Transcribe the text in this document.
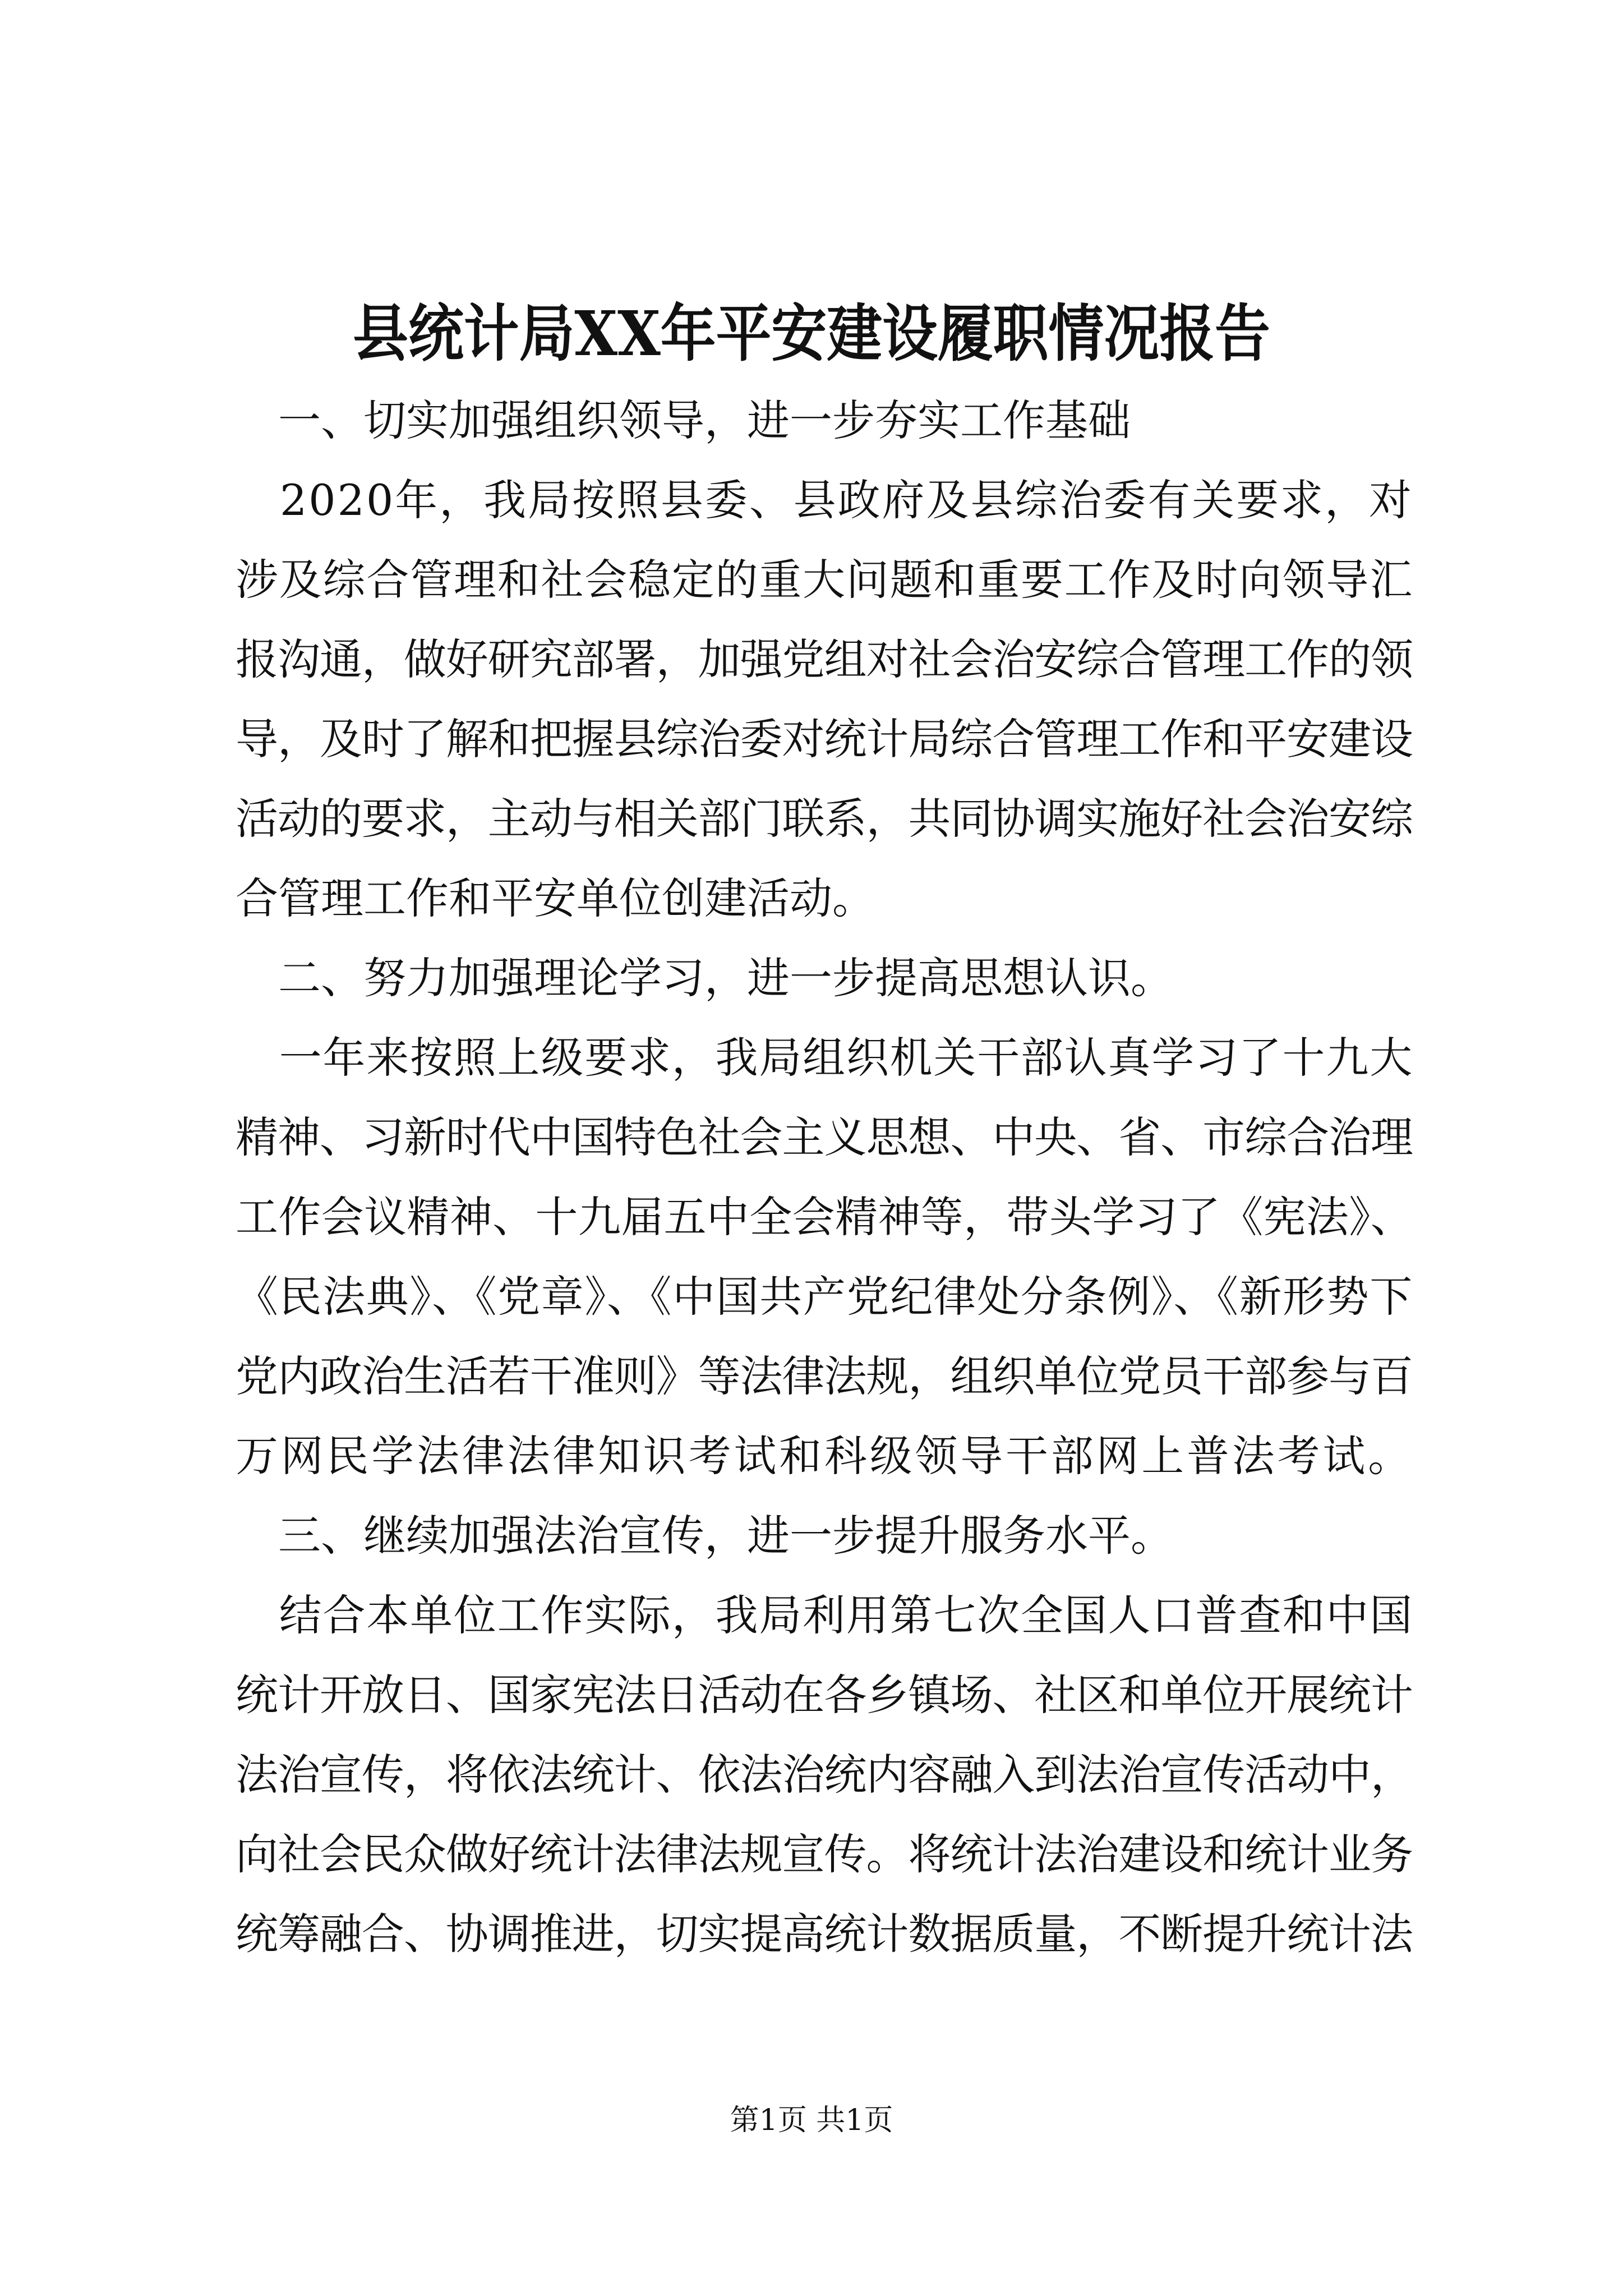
县统计局XX年平安建设履职情况报告
　一、切实加强组织领导，进一步夯实工作基础
　2020年，我局按照县委、县政府及县综治委有关要求，对
涉及综合管理和社会稳定的重大问题和重要工作及时向领导汇
报沟通，做好研究部署，加强党组对社会治安综合管理工作的领
导，及时了解和把握县综治委对统计局综合管理工作和平安建设
活动的要求，主动与相关部门联系，共同协调实施好社会治安综
合管理工作和平安单位创建活动。
　二、努力加强理论学习，进一步提高思想认识。
　一年来按照上级要求，我局组织机关干部认真学习了十九大
精神、习新时代中国特色社会主义思想、中央、省、市综合治理
工作会议精神、十九届五中全会精神等，带头学习了《宪法》、
《民法典》、《党章》、《中国共产党纪律处分条例》、《新形势下
党内政治生活若干准则》等法律法规，组织单位党员干部参与百
万网民学法律法律知识考试和科级领导干部网上普法考试。
　三、继续加强法治宣传，进一步提升服务水平。
　结合本单位工作实际，我局利用第七次全国人口普查和中国
统计开放日、国家宪法日活动在各乡镇场、社区和单位开展统计
法治宣传，将依法统计、依法治统内容融入到法治宣传活动中，
向社会民众做好统计法律法规宣传。将统计法治建设和统计业务
统筹融合、协调推进，切实提高统计数据质量，不断提升统计法
第1页 共1页
